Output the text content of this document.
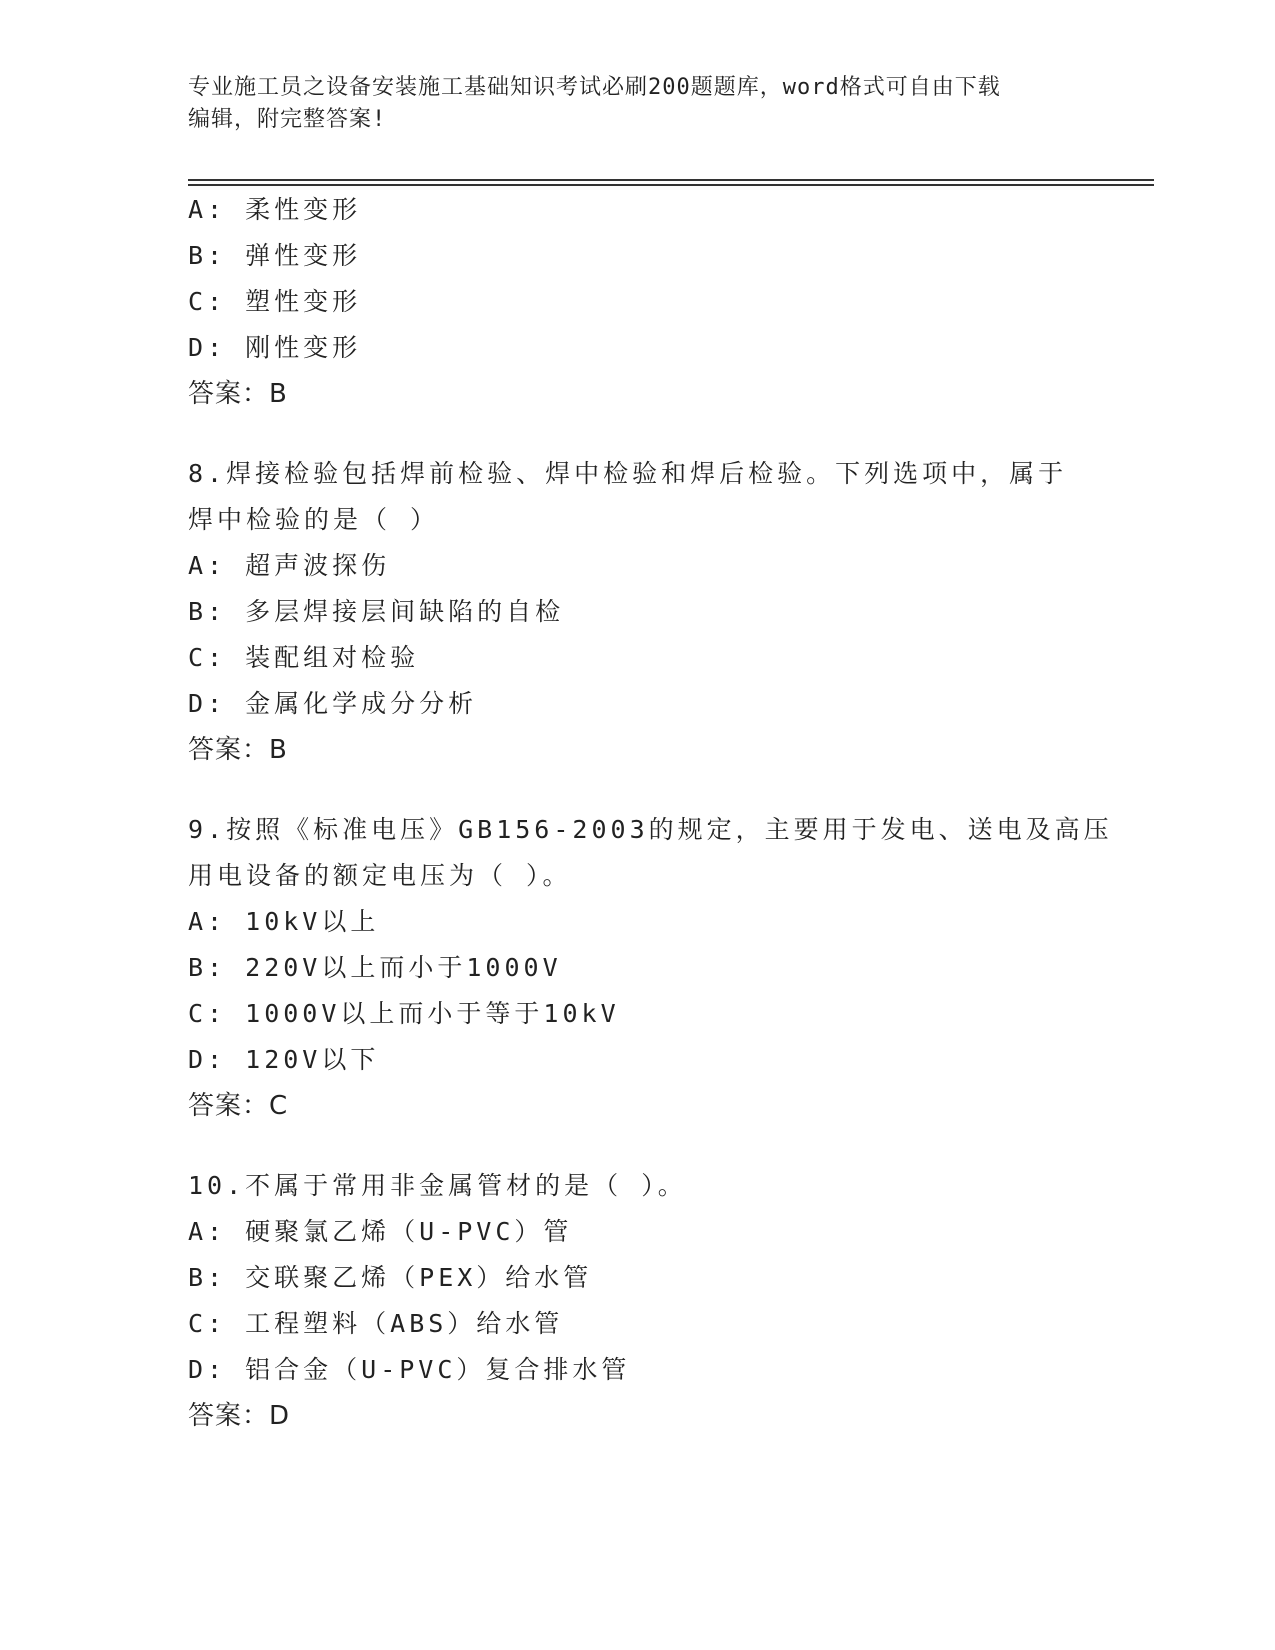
专业施工员之设备安装施工基础知识考试必刷200题题库，word格式可自由下载
编辑，附完整答案!
A: 柔性变形
B: 弹性变形
C: 塑性变形
D: 刚性变形
答案：B
8.焊接检验包括焊前检验、焊中检验和焊后检验。下列选项中，属于
焊中检验的是（ ）
A: 超声波探伤
B: 多层焊接层间缺陷的自检
C: 装配组对检验
D: 金属化学成分分析
答案：B
9.按照《标准电压》GB156-2003的规定，主要用于发电、送电及高压
用电设备的额定电压为（ ）。
A: 10kV以上
B: 220V以上而小于1000V
C: 1000V以上而小于等于10kV
D: 120V以下
答案：C
10.不属于常用非金属管材的是（ ）。
A: 硬聚氯乙烯（U-PVC）管
B: 交联聚乙烯（PEX）给水管
C: 工程塑料（ABS）给水管
D: 铝合金（U-PVC）复合排水管
答案：D
